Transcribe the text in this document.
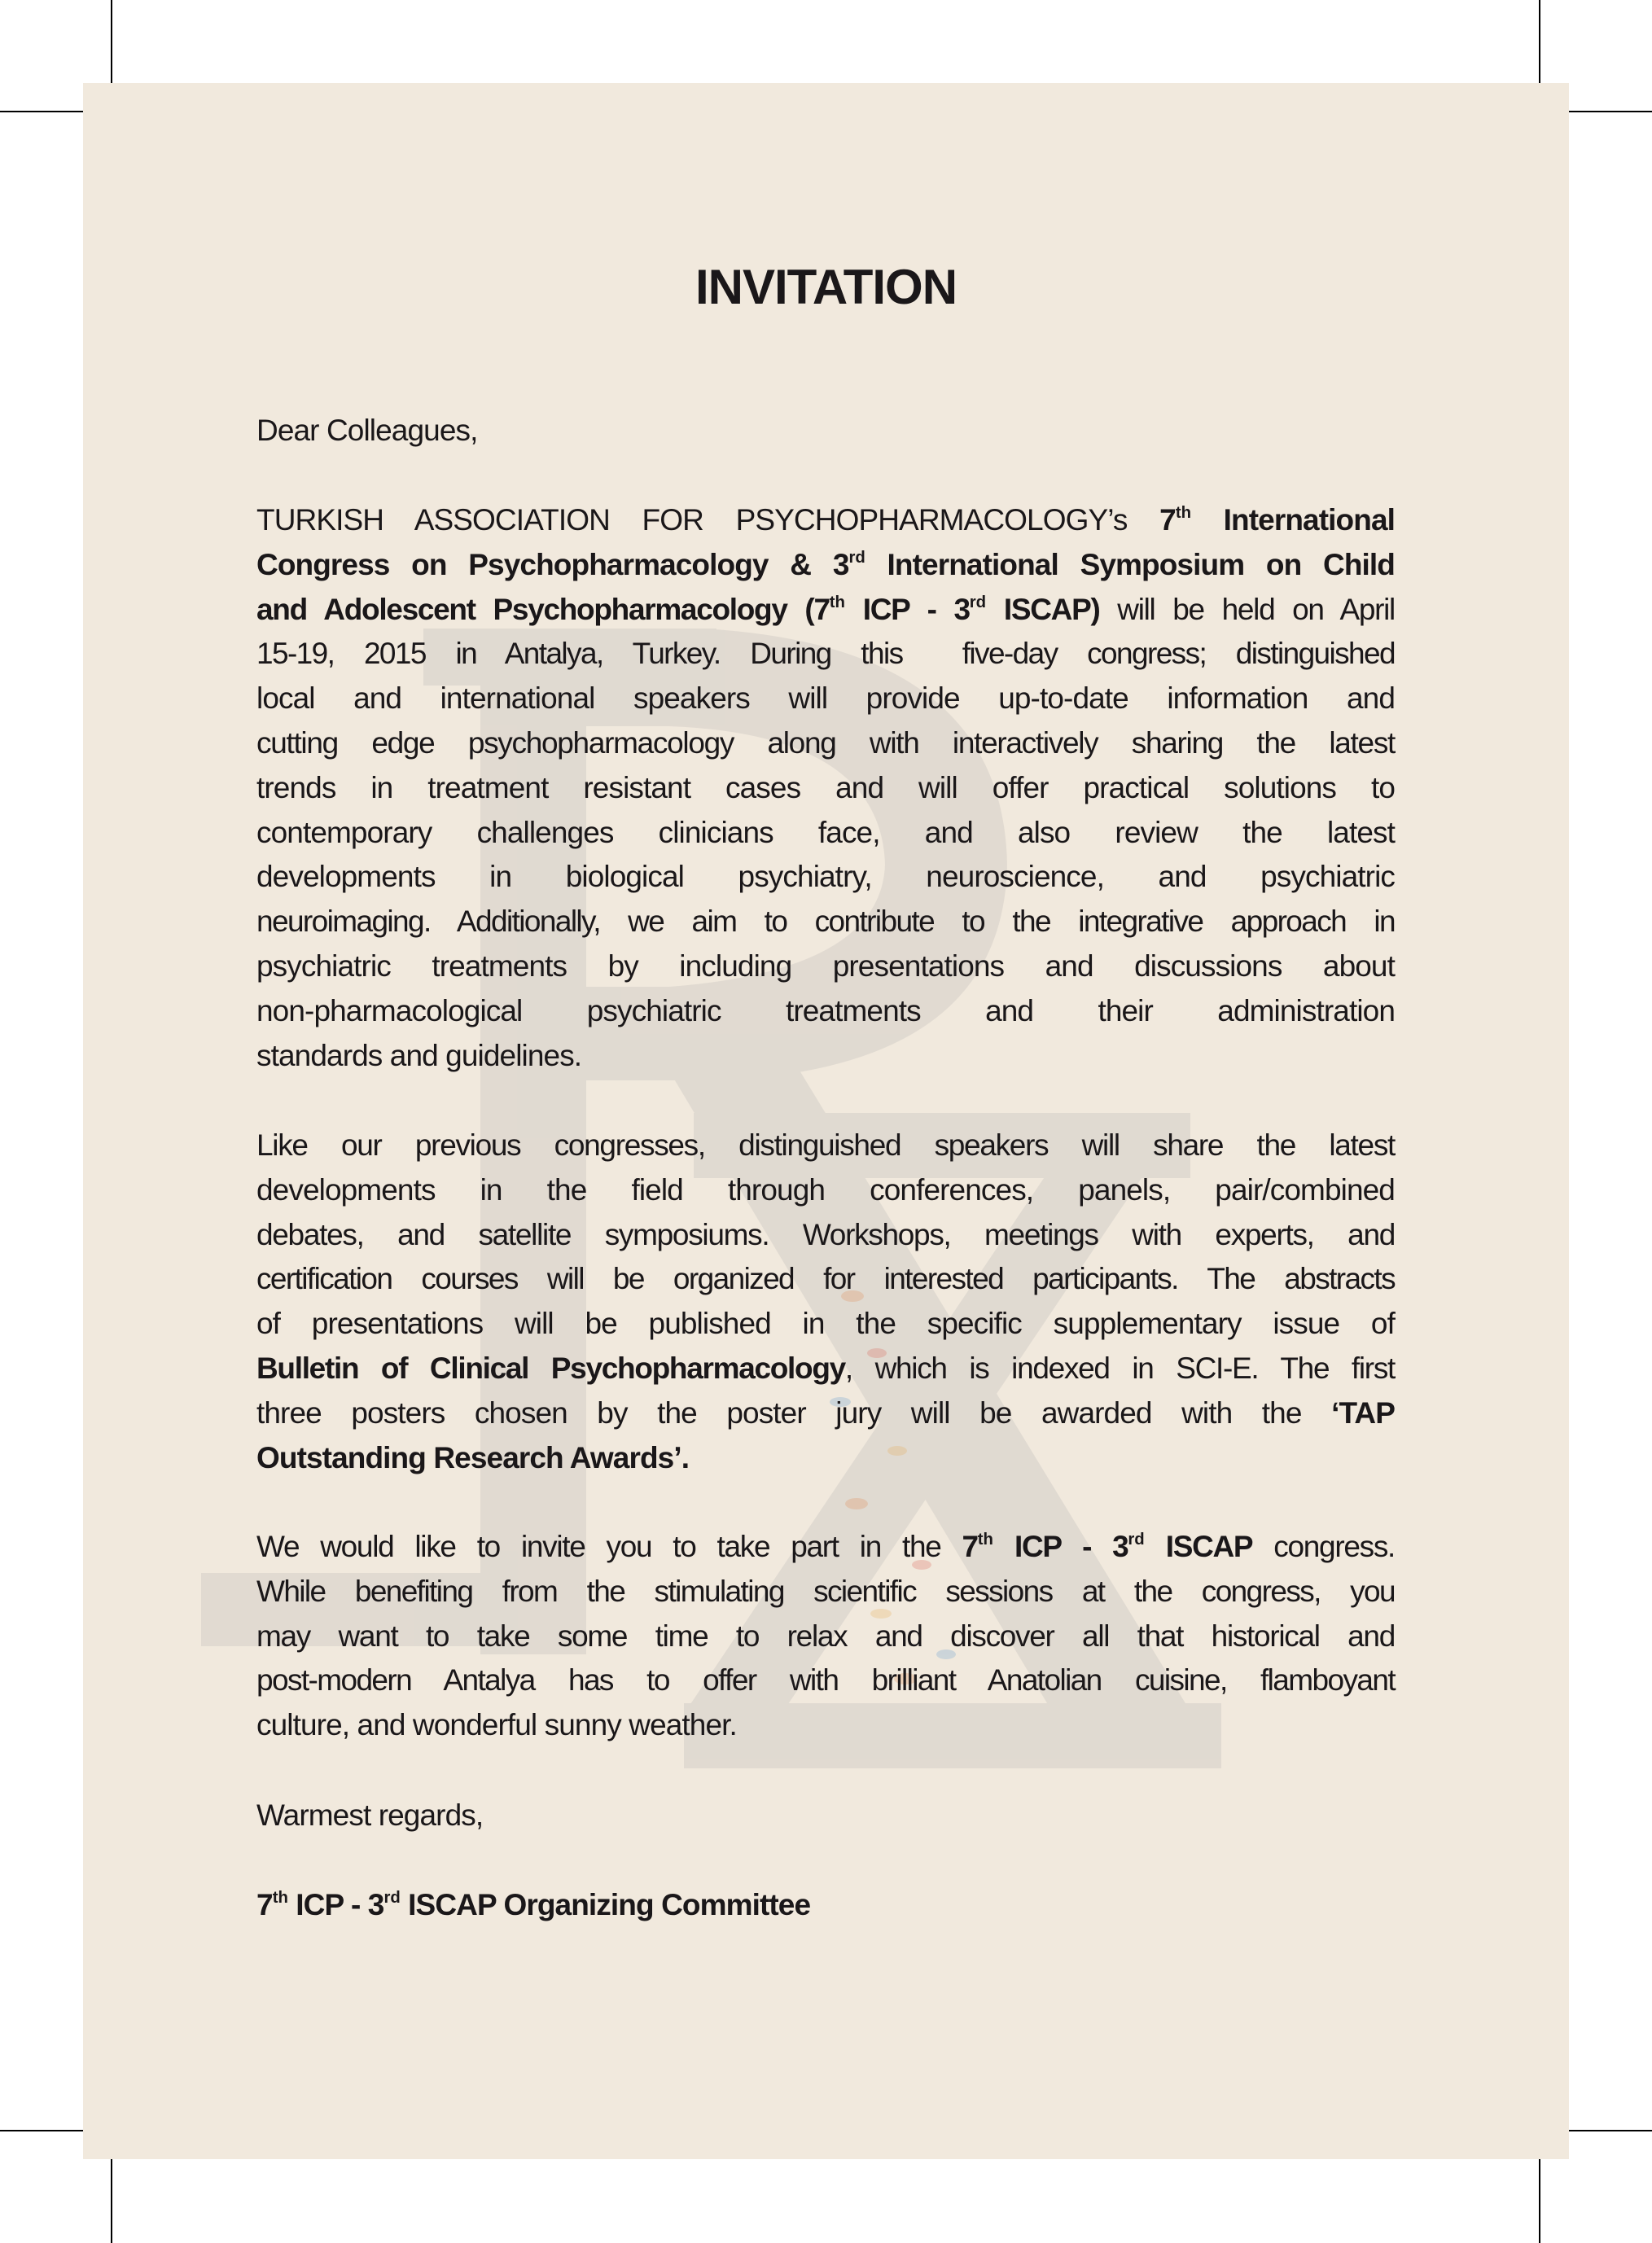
INVITATION
Dear Colleagues,
TURKISH ASSOCIATION FOR PSYCHOPHARMACOLOGY’s 7th International
Congress on Psychopharmacology & 3rd International Symposium on Child
and Adolescent Psychopharmacology (7th ICP - 3rd ISCAP) will be held on April
15-19, 2015 in Antalya, Turkey. During this  five-day congress; distinguished
local and international speakers will provide up-to-date information and
cutting edge psychopharmacology along with interactively sharing the latest
trends in treatment resistant cases and will offer practical solutions to
contemporary challenges clinicians face, and also review the latest
developments in biological psychiatry, neuroscience, and psychiatric
neuroimaging. Additionally, we aim to contribute to the integrative approach in
psychiatric treatments by including presentations and discussions about
non-pharmacological psychiatric treatments and their administration
standards and guidelines.
Like our previous congresses, distinguished speakers will share the latest
developments in the field through conferences, panels, pair/combined
debates, and satellite symposiums. Workshops, meetings with experts, and
certification courses will be organized for interested participants. The abstracts
of presentations will be published in the specific supplementary issue of
Bulletin of Clinical Psychopharmacology, which is indexed in SCI-E. The first
three posters chosen by the poster jury will be awarded with the ‘TAP
Outstanding Research Awards’.
We would like to invite you to take part in the 7th ICP - 3rd ISCAP congress.
While benefiting from the stimulating scientific sessions at the congress, you
may want to take some time to relax and discover all that historical and
post-modern Antalya has to offer with brilliant Anatolian cuisine, flamboyant
culture, and wonderful sunny weather.
Warmest regards,
7th ICP - 3rd ISCAP Organizing Committee
